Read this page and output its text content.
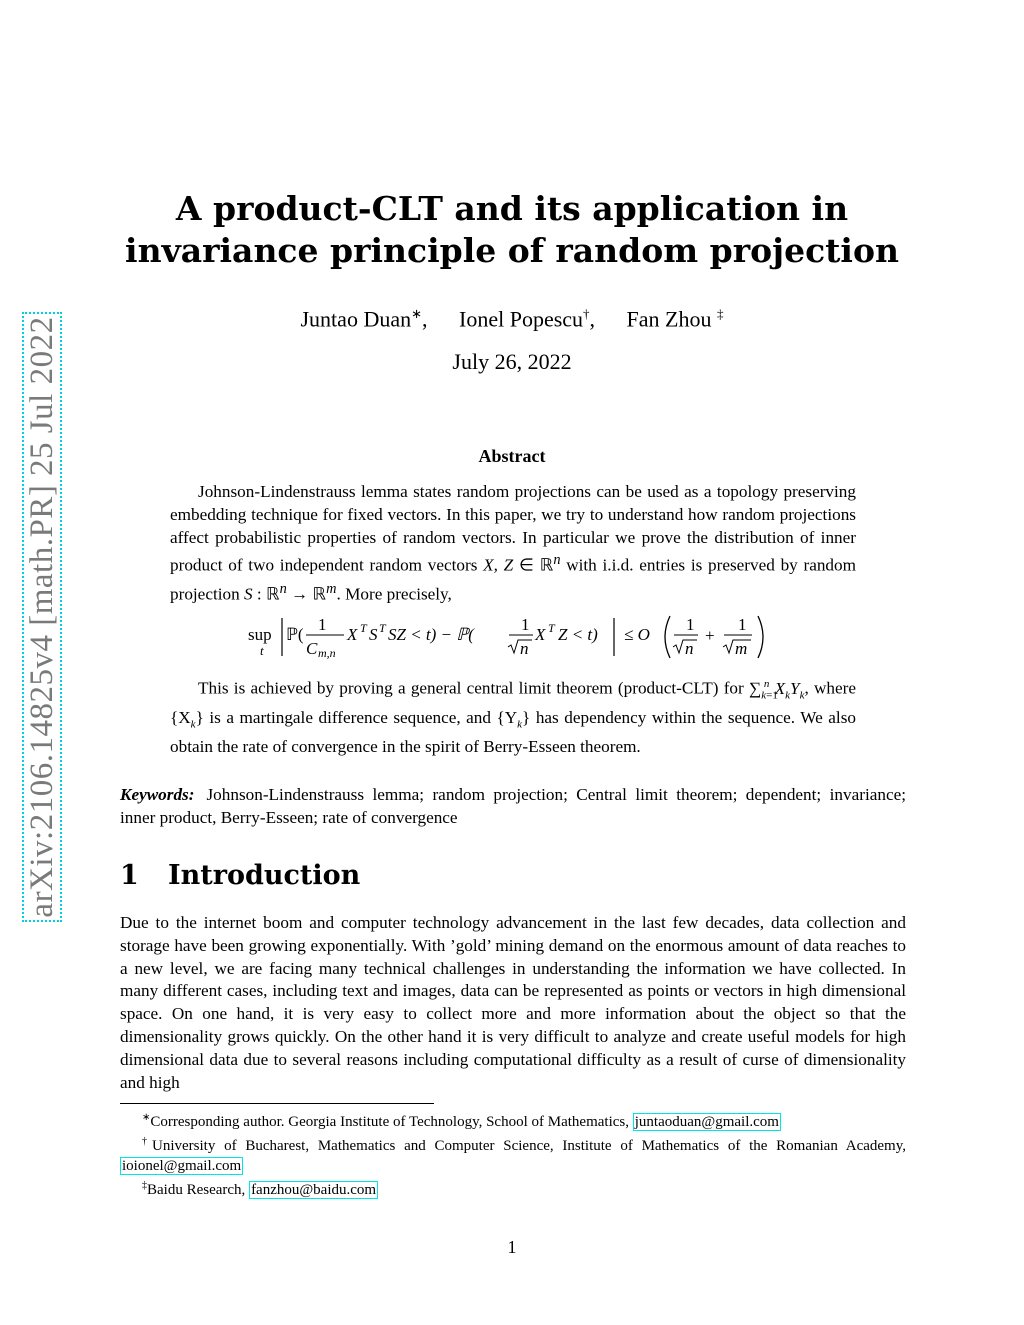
arXiv:2106.14825v4 [math.PR] 25 Jul 2022
A product-CLT and its application in
invariance principle of random projection
Juntao Duan∗, Ionel Popescu†, Fan Zhou ‡
July 26, 2022
Abstract
Johnson-Lindenstrauss lemma states random projections can be used as a topology preserving embedding technique for fixed vectors. In this paper, we try to understand how random projections affect probabilistic properties of random vectors. In particular we prove the distribution of inner product of two independent random vectors X, Z ∈ ℝ$^n$ with i.i.d. entries is preserved by random projection S : ℝ$^n$ → ℝ$^m$. More precisely,
sup
t
ℙ(
1
C m,n
X T S T SZ < t) − ℙ(
1
n
X T Z < t) ≤ O
1
n
+
1
m
This is achieved by proving a general central limit theorem (product-CLT) for $\sum_{k=1}^n$ $X_kY_k$, where $\{X_k\}$ is a martingale difference sequence, and $\{Y_k\}$ has dependency within the sequence. We also obtain the rate of convergence in the spirit of Berry-Esseen theorem.
Keywords: Johnson-Lindenstrauss lemma; random projection; Central limit theorem; dependent; invariance; inner product, Berry-Esseen; rate of convergence
1 Introduction
Due to the internet boom and computer technology advancement in the last few decades, data collection and storage have been growing exponentially. With ’gold’ mining demand on the enormous amount of data reaches to a new level, we are facing many technical challenges in understanding the information we have collected. In many different cases, including text and images, data can be represented as points or vectors in high dimensional space. On one hand, it is very easy to collect more and more information about the object so that the dimensionality grows quickly. On the other hand it is very difficult to analyze and create useful models for high dimensional data due to several reasons including computational difficulty as a result of curse of dimensionality and high

∗Corresponding author. Georgia Institute of Technology, School of Mathematics, juntaoduan@gmail.com

†University of Bucharest, Mathematics and Computer Science, Institute of Mathematics of the Romanian Academy, ioionel@gmail.com

‡Baidu Research, fanzhou@baidu.com

1
